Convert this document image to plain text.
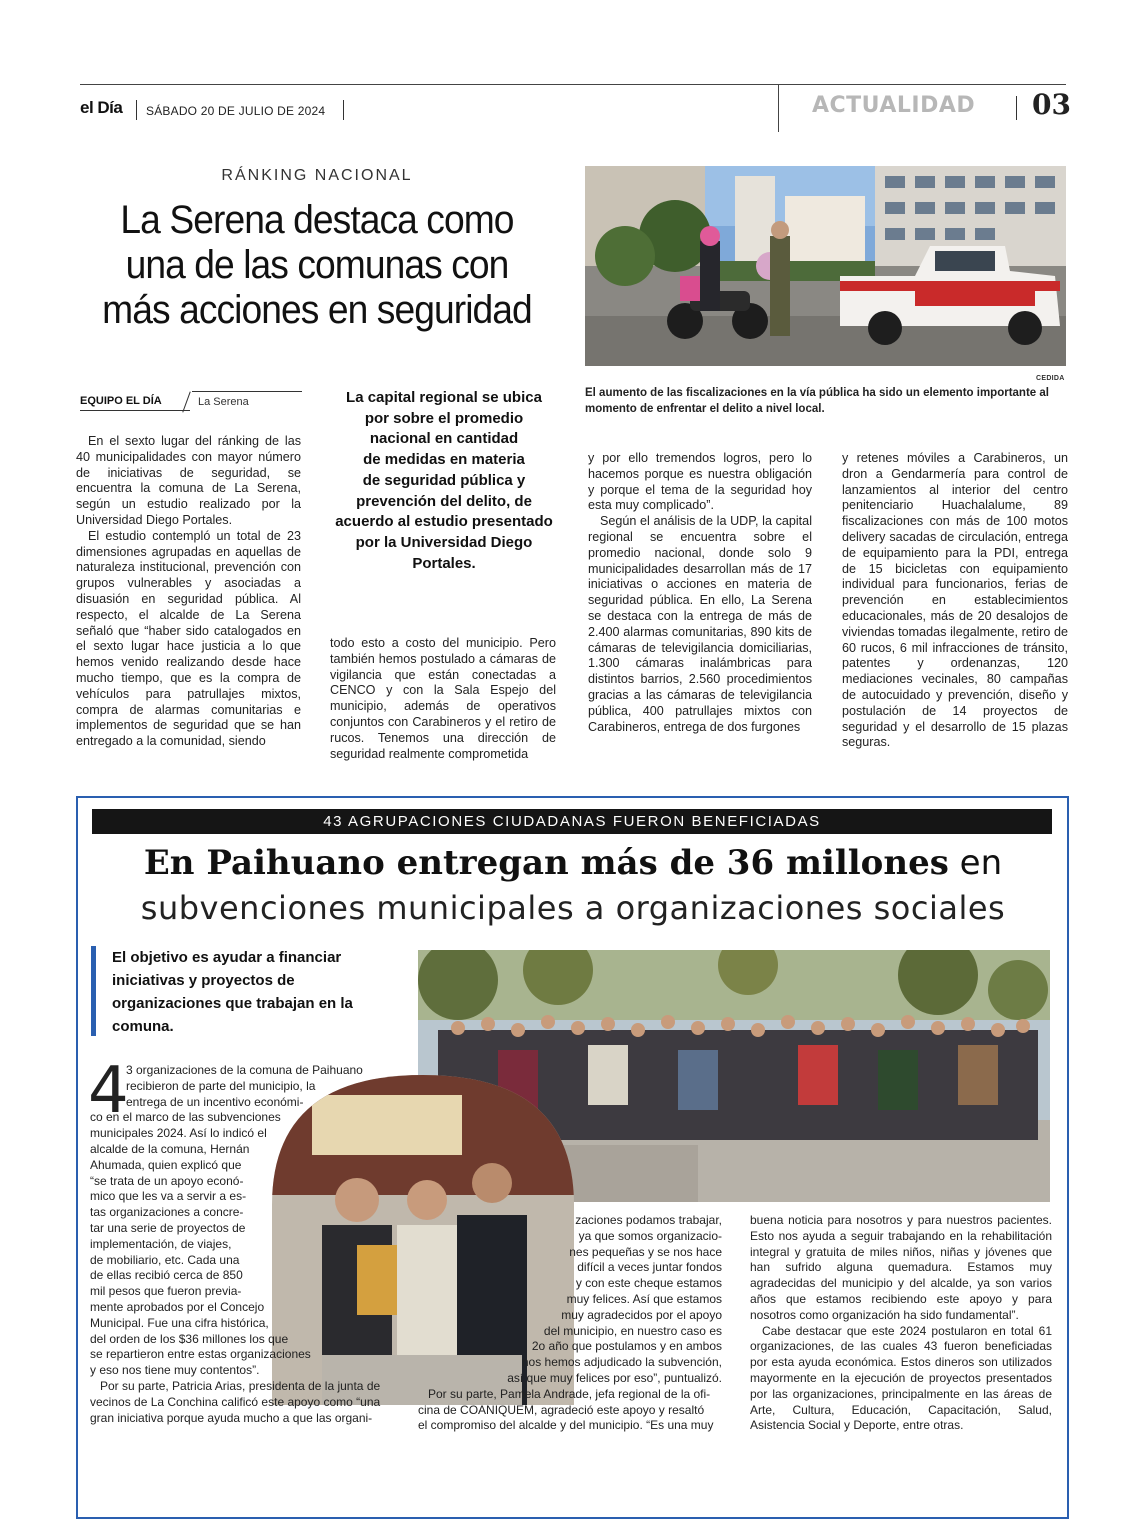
el Día SÁBADO 20 DE JULIO DE 2024	ACTUALIDAD 03
RÁNKING NACIONAL
La Serena destaca como
una de las comunas con
más acciones en seguridad
EQUIPO EL DÍA	La Serena	La capital regional se ubica
por sobre el promedio
nacional en cantidad
de medidas en materia
de seguridad pública y
prevención del delito, de
acuerdo al estudio presentado
por la Universidad Diego
Portales.

En el sexto lugar del ránking de las 40 municipalidades con mayor número de iniciativas de seguridad, se encuentra la comuna de La Serena, según un estudio realizado por la Universidad Diego Portales.

El estudio contempló un total de 23 dimensiones agrupadas en aquellas de naturaleza institucional, prevención con grupos vulnerables y asociadas a disuasión en seguridad pública. Al respecto, el alcalde de La Serena señaló que “haber sido catalogados en el sexto lugar hace justicia a lo que hemos venido realizando desde hace mucho tiempo, que es la compra de vehículos para patrullajes mixtos, compra de alarmas comunitarias e implementos de seguridad que se han entregado a la comunidad, siendo

todo esto a costo del municipio. Pero también hemos postulado a cámaras de vigilancia que están conectadas a CENCO y con la Sala Espejo del municipio, además de operativos conjuntos con Carabineros y el retiro de rucos. Tenemos una dirección de seguridad realmente comprometida

y por ello tremendos logros, pero lo hacemos porque es nuestra obligación y porque el tema de la seguridad hoy esta muy complicado”.

Según el análisis de la UDP, la capital regional se encuentra sobre el promedio nacional, donde solo 9 municipalidades desarrollan más de 17 iniciativas o acciones en materia de seguridad pública. En ello, La Serena se destaca con la entrega de más de 2.400 alarmas comunitarias, 890 kits de cámaras de televigilancia domiciliarias, 1.300 cámaras inalámbricas para distintos barrios, 2.560 procedimientos gracias a las cámaras de televigilancia pública, 400 patrullajes mixtos con Carabineros, entrega de dos furgones

y retenes móviles a Carabineros, un dron a Gendarmería para control de lanzamientos al interior del centro penitenciario Huachalalume, 89 fiscalizaciones con más de 100 motos delivery sacadas de circulación, entrega de equipamiento para la PDI, entrega de 15 bicicletas con equipamiento individual para funcionarios, ferias de prevención en establecimientos educacionales, más de 20 desalojos de viviendas tomadas ilegalmente, retiro de 60 rucos, 6 mil infracciones de tránsito, patentes y ordenanzas, 120 mediaciones vecinales, 80 campañas de autocuidado y prevención, diseño y postulación de 14 proyectos de seguridad y el desarrollo de 15 plazas seguras.

CEDIDA
El aumento de las fiscalizaciones en la vía pública ha sido un elemento importante al momento de enfrentar el delito a nivel local.
43 AGRUPACIONES CIUDADANAS FUERON BENEFICIADAS
En Paihuano entregan más de 36 millones en
subvenciones municipales a organizaciones sociales
El objetivo es ayudar a financiar iniciativas y proyectos de organizaciones que trabajan en la comuna.
4
3 organizaciones de la comuna de Paihuano
recibieron de parte del municipio, la
entrega de un incentivo económi-
co en el marco de las subvenciones
municipales 2024. Así lo indicó el
alcalde de la comuna, Hernán
Ahumada, quien explicó que
“se trata de un apoyo econó-
mico que les va a servir a es-
tas organizaciones a concre-
tar una serie de proyectos de
implementación, de viajes,
de mobiliario, etc. Cada una
de ellas recibió cerca de 850
mil pesos que fueron previa-
mente aprobados por el Concejo
Municipal. Fue una cifra histórica,
del orden de los $36 millones los que
se repartieron entre estas organizaciones
y eso nos tiene muy contentos”.
Por su parte, Patricia Arias, presidenta de la junta de
vecinos de La Conchina calificó este apoyo como “una
gran iniciativa porque ayuda mucho a que las organi-
zaciones podamos trabajar,
ya que somos organizacio-
nes pequeñas y se nos hace
difícil a veces juntar fondos
y con este cheque estamos
muy felices. Así que estamos
muy agradecidos por el apoyo
del municipio, en nuestro caso es
2o año que postulamos y en ambos
nos hemos adjudicado la subvención,
así que muy felices por eso”, puntualizó.
Por su parte, Pamela Andrade, jefa regional de la ofi-
cina de COANIQUEM, agradeció este apoyo y resaltó
el compromiso del alcalde y del municipio. “Es una muy

buena noticia para nosotros y para nuestros pacientes. Esto nos ayuda a seguir trabajando en la rehabilitación integral y gratuita de miles niños, niñas y jóvenes que han sufrido alguna quemadura. Estamos muy agradecidas del municipio y del alcalde, ya son varios años que estamos recibiendo este apoyo y para nosotros como organización ha sido fundamental”.

Cabe destacar que este 2024 postularon en total 61 organizaciones, de las cuales 43 fueron beneficiadas por esta ayuda económica. Estos dineros son utilizados mayormente en la ejecución de proyectos presentados por las organizaciones, principalmente en las áreas de Arte, Cultura, Educación, Capacitación, Salud, Asistencia Social y Deporte, entre otras.
